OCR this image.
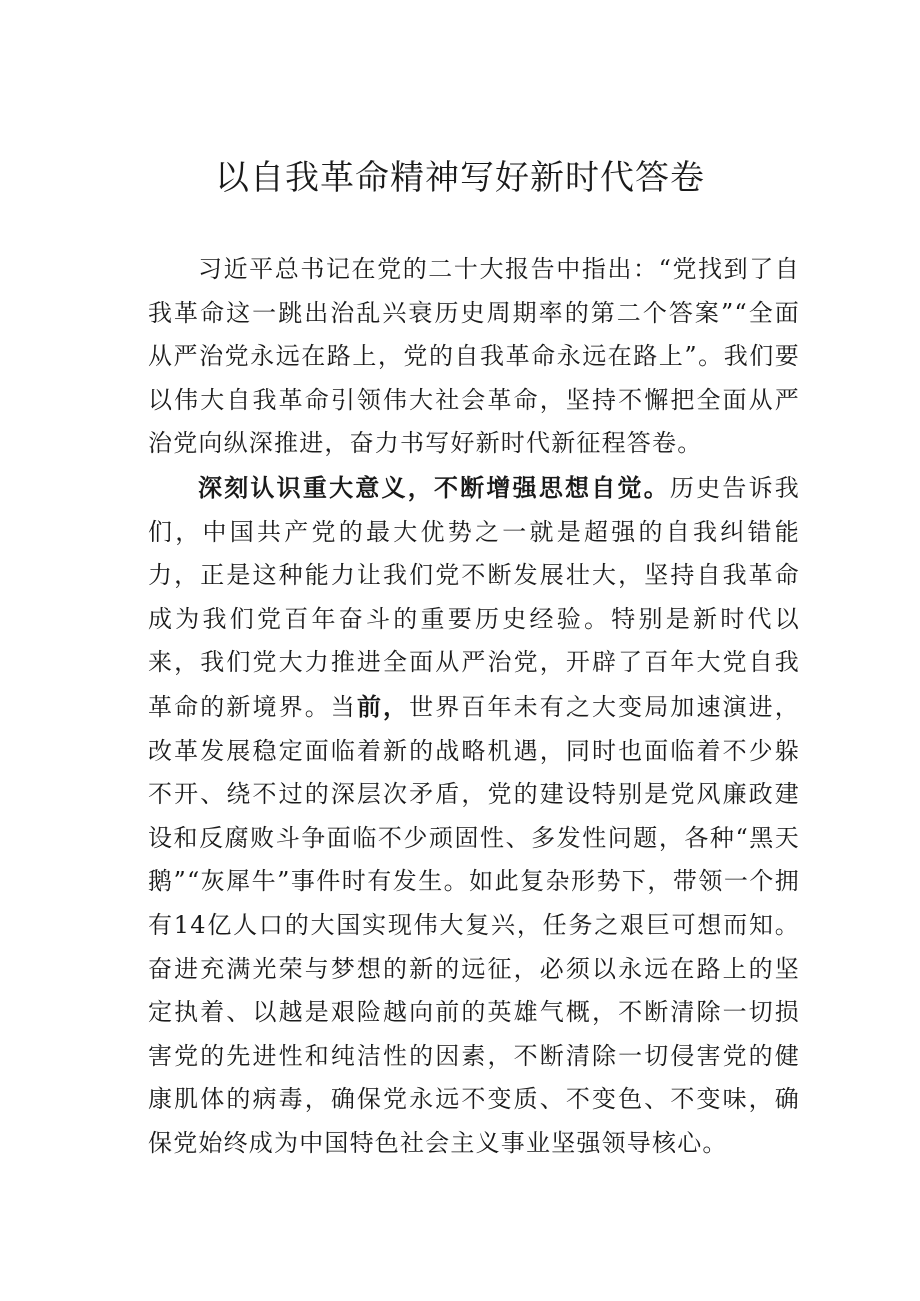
以自我革命精神写好新时代答卷

习近平总书记在党的二十大报告中指出：“党找到了自我革命这一跳出治乱兴衰历史周期率的第二个答案”“全面从严治党永远在路上，党的自我革命永远在路上”。我们要以伟大自我革命引领伟大社会革命，坚持不懈把全面从严治党向纵深推进，奋力书写好新时代新征程答卷。

深刻认识重大意义，不断增强思想自觉。历史告诉我们，中国共产党的最大优势之一就是超强的自我纠错能力，正是这种能力让我们党不断发展壮大，坚持自我革命成为我们党百年奋斗的重要历史经验。特别是新时代以来，我们党大力推进全面从严治党，开辟了百年大党自我革命的新境界。当前，世界百年未有之大变局加速演进，改革发展稳定面临着新的战略机遇，同时也面临着不少躲不开、绕不过的深层次矛盾，党的建设特别是党风廉政建设和反腐败斗争面临不少顽固性、多发性问题，各种“黑天鹅”“灰犀牛”事件时有发生。如此复杂形势下，带领一个拥有14亿人口的大国实现伟大复兴，任务之艰巨可想而知。奋进充满光荣与梦想的新的远征，必须以永远在路上的坚定执着、以越是艰险越向前的英雄气概，不断清除一切损害党的先进性和纯洁性的因素，不断清除一切侵害党的健康肌体的病毒，确保党永远不变质、不变色、不变味，确保党始终成为中国特色社会主义事业坚强领导核心。
